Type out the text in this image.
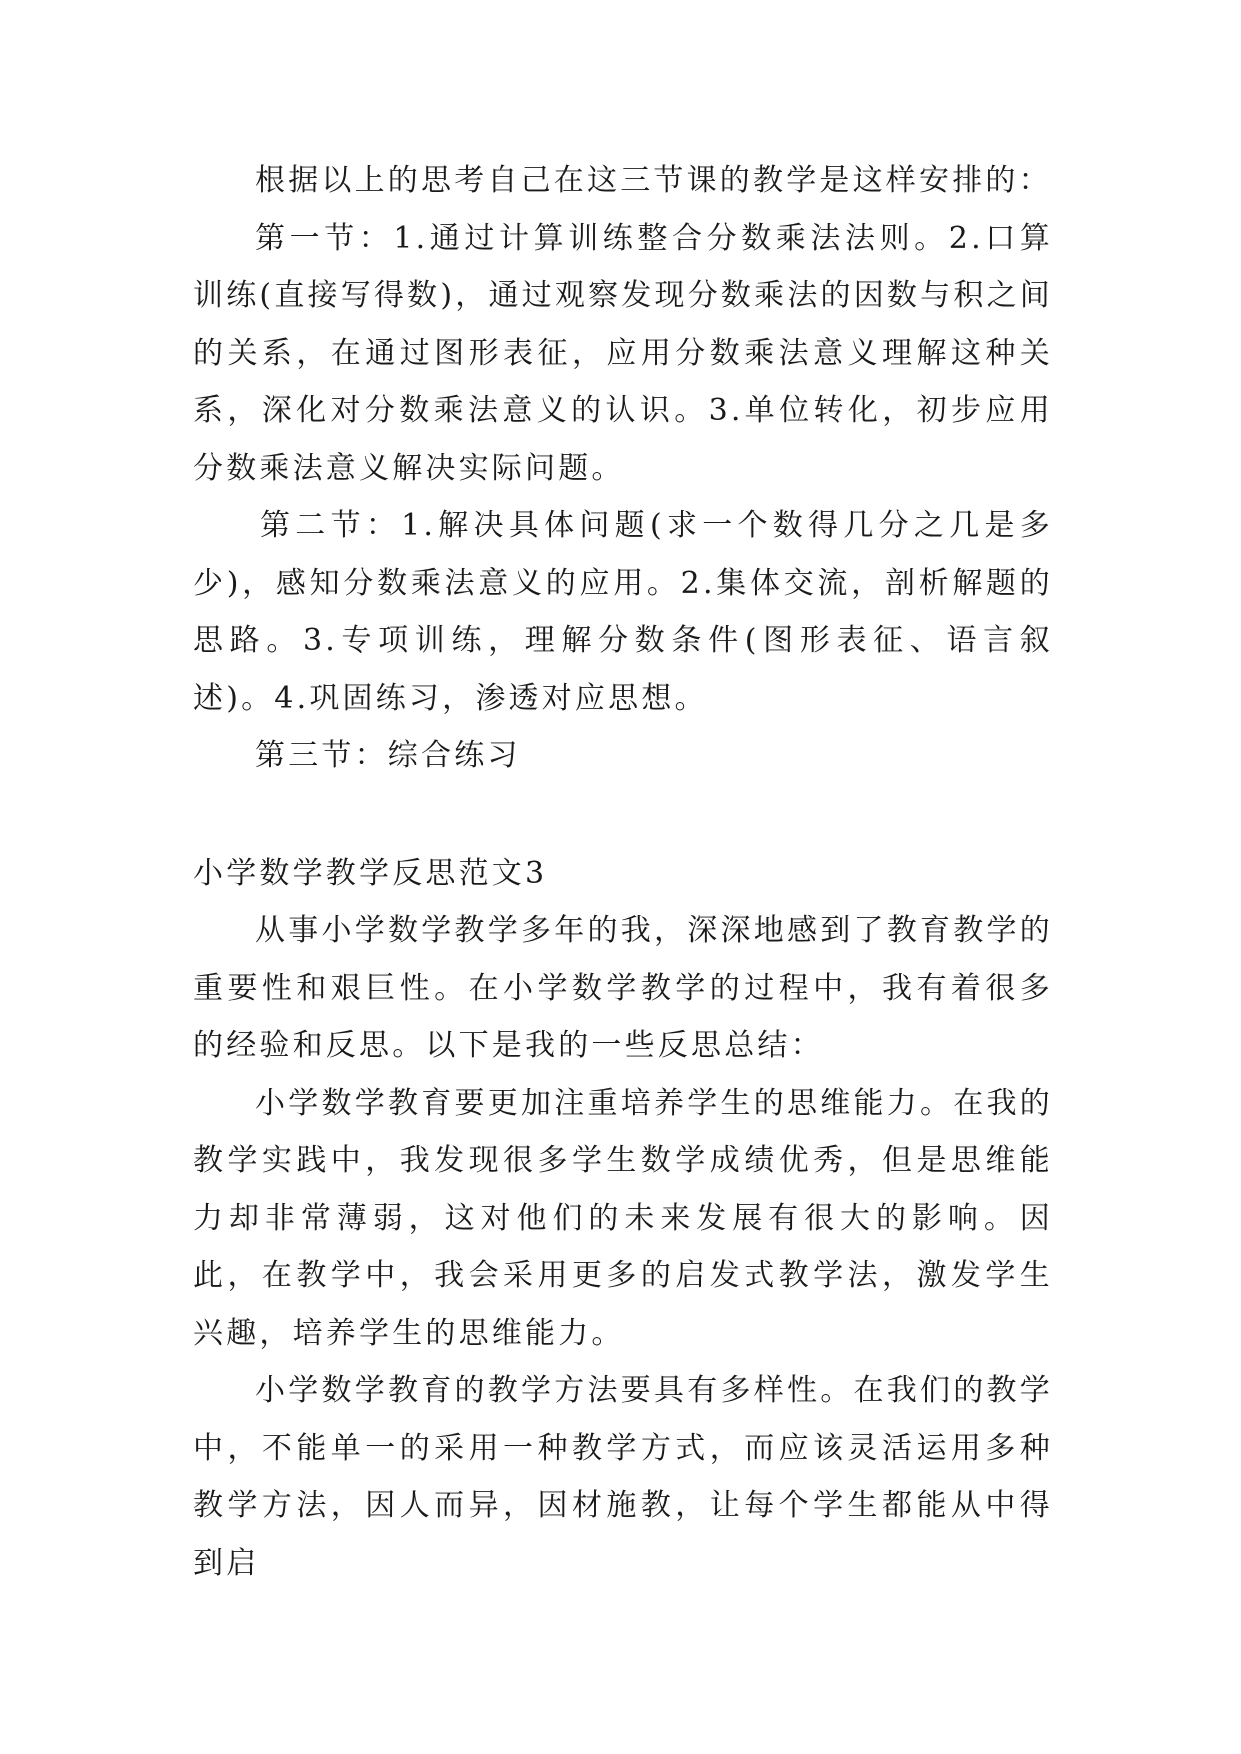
根据以上的思考自己在这三节课的教学是这样安排的：

第一节：1.通过计算训练整合分数乘法法则。2.口算训练(直接写得数)，通过观察发现分数乘法的因数与积之间的关系，在通过图形表征，应用分数乘法意义理解这种关系，深化对分数乘法意义的认识。3.单位转化，初步应用分数乘法意义解决实际问题。

第二节：1.解决具体问题(求一个数得几分之几是多少)，感知分数乘法意义的应用。2.集体交流，剖析解题的思路。3.专项训练，理解分数条件(图形表征、语言叙述)。4.巩固练习，渗透对应思想。

第三节：综合练习

小学数学教学反思范文3

从事小学数学教学多年的我，深深地感到了教育教学的重要性和艰巨性。在小学数学教学的过程中，我有着很多的经验和反思。以下是我的一些反思总结：

小学数学教育要更加注重培养学生的思维能力。在我的教学实践中，我发现很多学生数学成绩优秀，但是思维能力却非常薄弱，这对他们的未来发展有很大的影响。因此，在教学中，我会采用更多的启发式教学法，激发学生兴趣，培养学生的思维能力。

小学数学教育的教学方法要具有多样性。在我们的教学中，不能单一的采用一种教学方式，而应该灵活运用多种教学方法，因人而异，因材施教，让每个学生都能从中得到启
